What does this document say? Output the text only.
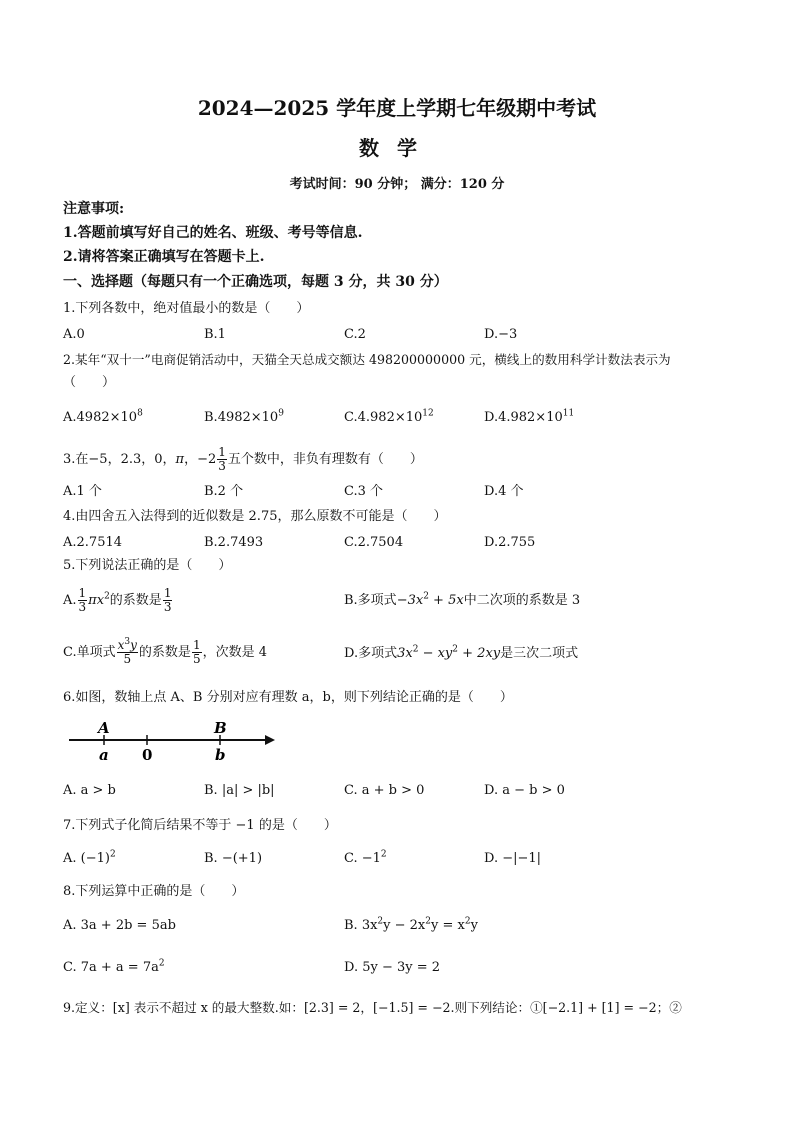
2024—2025 学年度上学期七年级期中考试
数学
考试时间：90 分钟； 满分：120 分
注意事项:
1.答题前填写好自己的姓名、班级、考号等信息.
2.请将答案正确填写在答题卡上.
一、选择题（每题只有一个正确选项，每题 3 分，共 30 分）
1.下列各数中，绝对值最小的数是（　　）
A.0	B.1	C.2	D.−3
2.某年“双十一”电商促销活动中，天猫全天总成交额达 498200000000 元，横线上的数用科学计数法表示为
（　　）
$A.4982\times 10^8$	$B.4982\times 10^9$	$C.4.982\times 10^{12}$	$D.4.982\times 10^{11}$
3.在−5，2.3，0，π，$-2 \frac{1}{3}$ 五个数中，非负有理数有（　　）
A.1 个	B.2 个	C.3 个	D.4 个
4.由四舍五入法得到的近似数是 2.75，那么原数不可能是（　　）
A.2.7514	B.2.7493	C.2.7504	D.2.755
5.下列说法正确的是（　　）
A. $\frac{1}{3} \pi x^2$的系数是 $\frac{1}{3}$	B.多项式$-3x^2 + 5x$中二次项的系数是 3
C.单项式 $\frac{x^3y}{5}$ 的系数是 $\frac{1}{5}$ ，次数是 4	D.多项式$3x^2 - xy^2 + 2xy$是三次二项式
6.如图，数轴上点 A、B 分别对应有理数 a，b，则下列结论正确的是（　　）
A
a 0
B
b
A. a > b	B. |a| > |b|	C. a + b > 0	D. a − b > 0
7.下列式子化简后结果不等于 −1 的是（　　）
A. $(-1)^2$	B. −(+1)	C. $-1^2$	D. −|−1|
8.下列运算中正确的是（　　）
A. 3a + 2b = 5ab	B. $3x^2y - 2x^2y = x^2y$
C. $7a + a = 7a^2$	D. 5y − 3y = 2
9.定义：[x] 表示不超过 x 的最大整数.如：[2.3] = 2，[−1.5] = −2.则下列结论：①[−2.1] + [1] = −2；②
